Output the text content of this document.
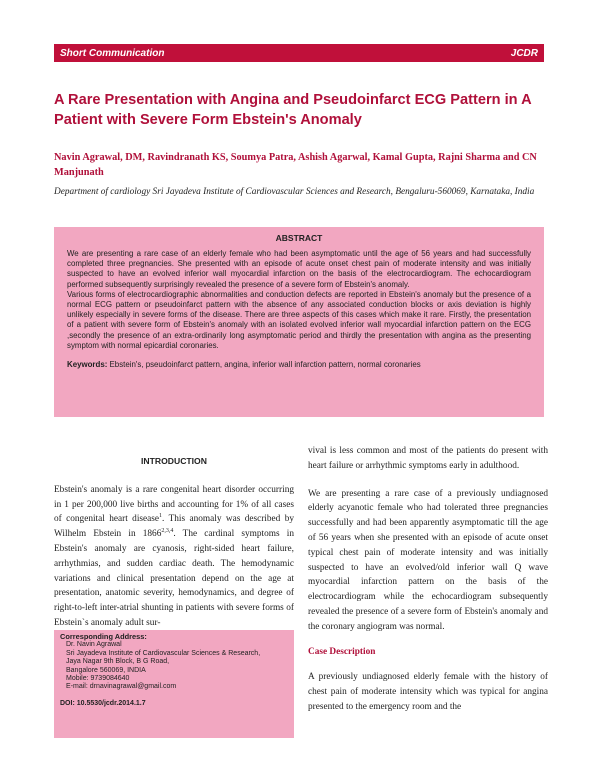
Short Communication	JCDR
A Rare Presentation with Angina and Pseudoinfarct ECG Pattern in A Patient with Severe Form Ebstein's Anomaly

Navin Agrawal, DM, Ravindranath KS, Soumya Patra, Ashish Agarwal, Kamal Gupta, Rajni Sharma and CN Manjunath

Department of cardiology Sri Jayadeva Institute of Cardiovascular Sciences and Research, Bengaluru-560069, Karnataka, India

ABSTRACT

We are presenting a rare case of an elderly female who had been asymptomatic until the age of 56 years and had successfully completed three pregnancies. She presented with an episode of acute onset chest pain of moderate intensity and was initially suspected to have an evolved inferior wall myocardial infarction on the basis of the electrocardiogram. The echocardiogram performed subsequently surprisingly revealed the presence of a severe form of Ebstein's anomaly.

Various forms of electrocardiographic abnormalities and conduction defects are reported in Ebstein's anomaly but the presence of a normal ECG pattern or pseudoinfarct pattern with the absence of any associated conduction blocks or axis deviation is highly unlikely especially in severe forms of the disease. There are three aspects of this cases which make it rare. Firstly, the presentation of a patient with severe form of Ebstein's anomaly with an isolated evolved inferior wall myocardial infarction pattern on the ECG ,secondly the presence of an extra-ordinarily long asymptomatic period and thirdly the presentation with angina as the presenting symptom with normal epicardial coronaries.

Keywords: Ebstein's, pseudoinfarct pattern, angina, inferior wall infarction pattern, normal coronaries

INTRODUCTION

Ebstein's anomaly is a rare congenital heart disorder occurring in 1 per 200,000 live births and accounting for 1% of all cases of congenital heart disease$^1$. This anomaly was described by Wilhelm Ebstein in 1866$^{2,3,4}$. The cardinal symptoms in Ebstein's anomaly are cyanosis, right-sided heart failure, arrhythmias, and sudden cardiac death. The hemodynamic variations and clinical presentation depend on the age at presentation, anatomic severity, hemodynamics, and degree of right-to-left inter-atrial shunting in patients with severe forms of Ebstein`s anomaly adult sur-

vival is less common and most of the patients do present with heart failure or arrhythmic symptoms early in adulthood.

We are presenting a rare case of a previously undiagnosed elderly acyanotic female who had tolerated three pregnancies successfully and had been apparently asymptomatic till the age of 56 years when she presented with an episode of acute onset typical chest pain of moderate intensity and was initially suspected to have an evolved/old inferior wall Q wave myocardial infarction pattern on the basis of the electrocardiogram while the echocardiogram subsequently revealed the presence of a severe form of Ebstein's anomaly and the coronary angiogram was normal.

Case Description

A previously undiagnosed elderly female with the history of chest pain of moderate intensity which was typical for angina presented to the emergency room and the

Corresponding Address:
Dr. Navin Agrawal
Sri Jayadeva Institute of Cardiovascular Sciences & Research,
Jaya Nagar 9th Block, B G Road,
Bangalore 560069, INDIA
Mobile: 9739084640
E-mail: drnavinagrawal@gmail.com
DOI: 10.5530/jcdr.2014.1.7
